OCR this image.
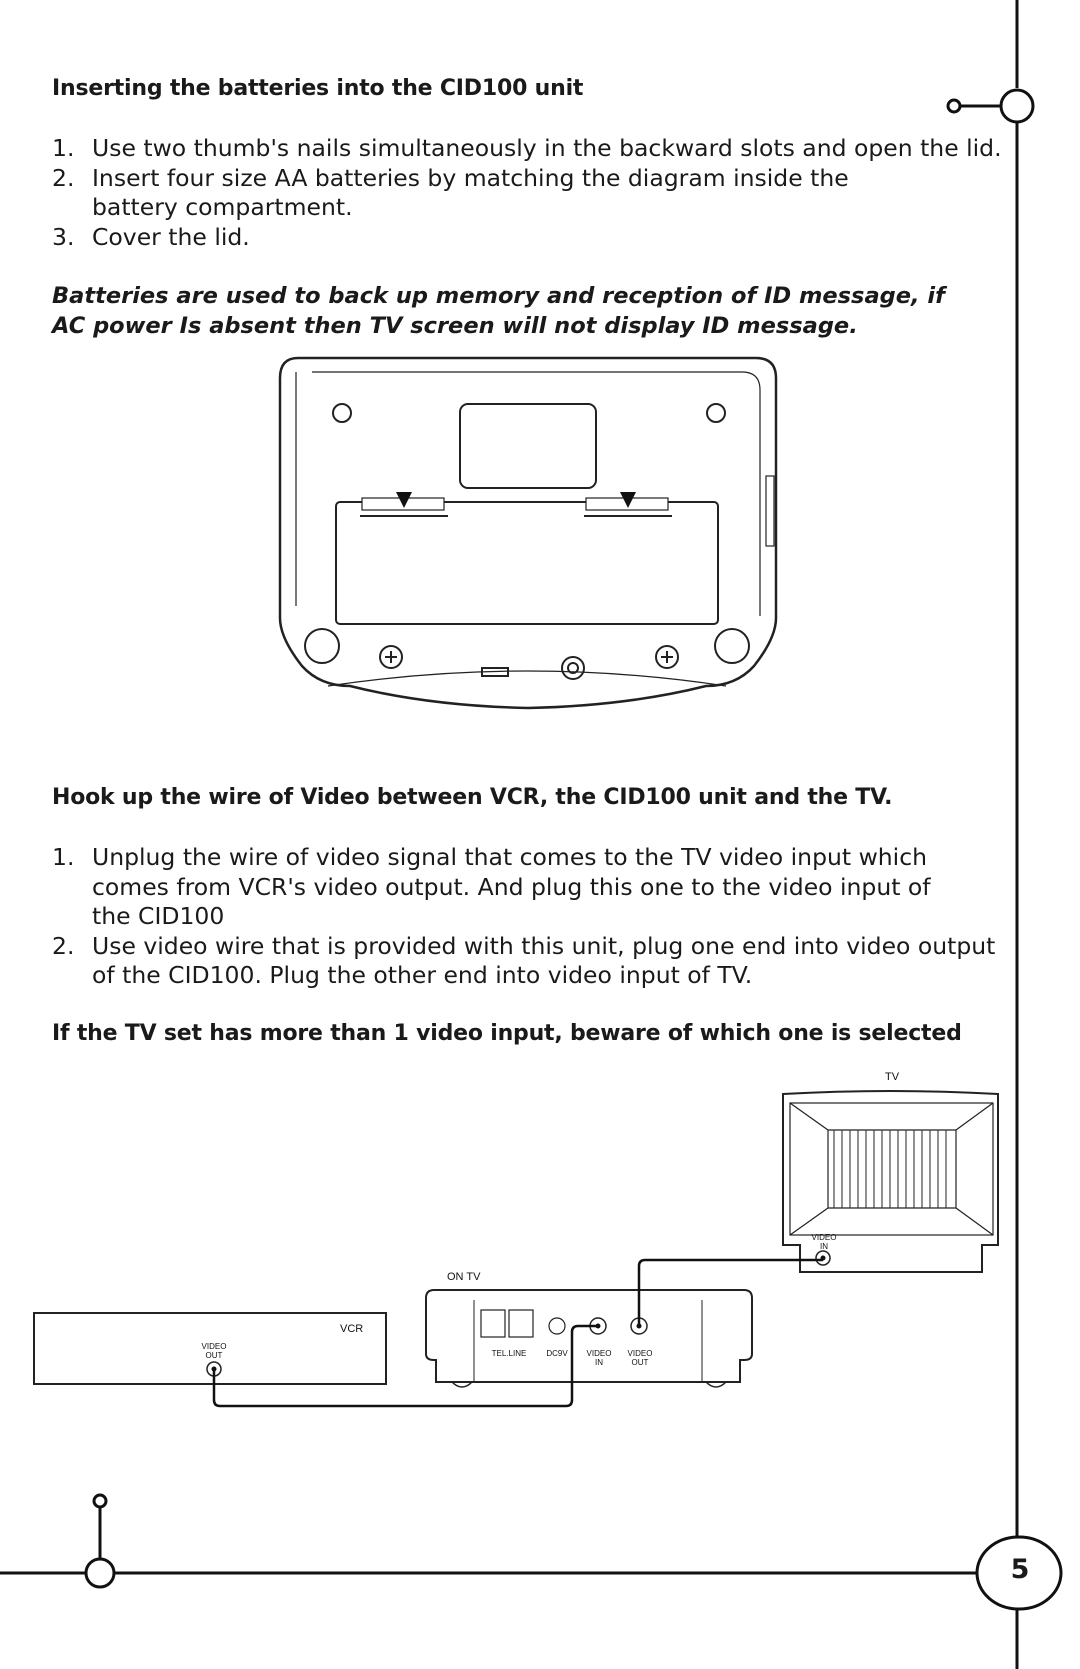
Inserting the batteries into the CID100 unit
1. Use two thumb's nails simultaneously in the backward slots and open the lid.
2. Insert four size AA batteries by matching the diagram inside the battery compartment.
3. Cover the lid.

Batteries are used to back up memory and reception of ID message, if AC power Is absent then TV screen will not display ID message.

Hook up the wire of Video between VCR, the CID100 unit and the TV.
1. Unplug the wire of video signal that comes to the TV video input which comes from VCR's video output. And plug this one to the video input of the CID100
2. Use video wire that is provided with this unit, plug one end into video output of the CID100. Plug the other end into video input of TV.

If the TV set has more than 1 video input, beware of which one is selected

TV
VIDEO
IN
VCR
VIDEO
OUT
ON TV
TEL.LINE DC9V VIDEO
IN
VIDEO
OUT
5
